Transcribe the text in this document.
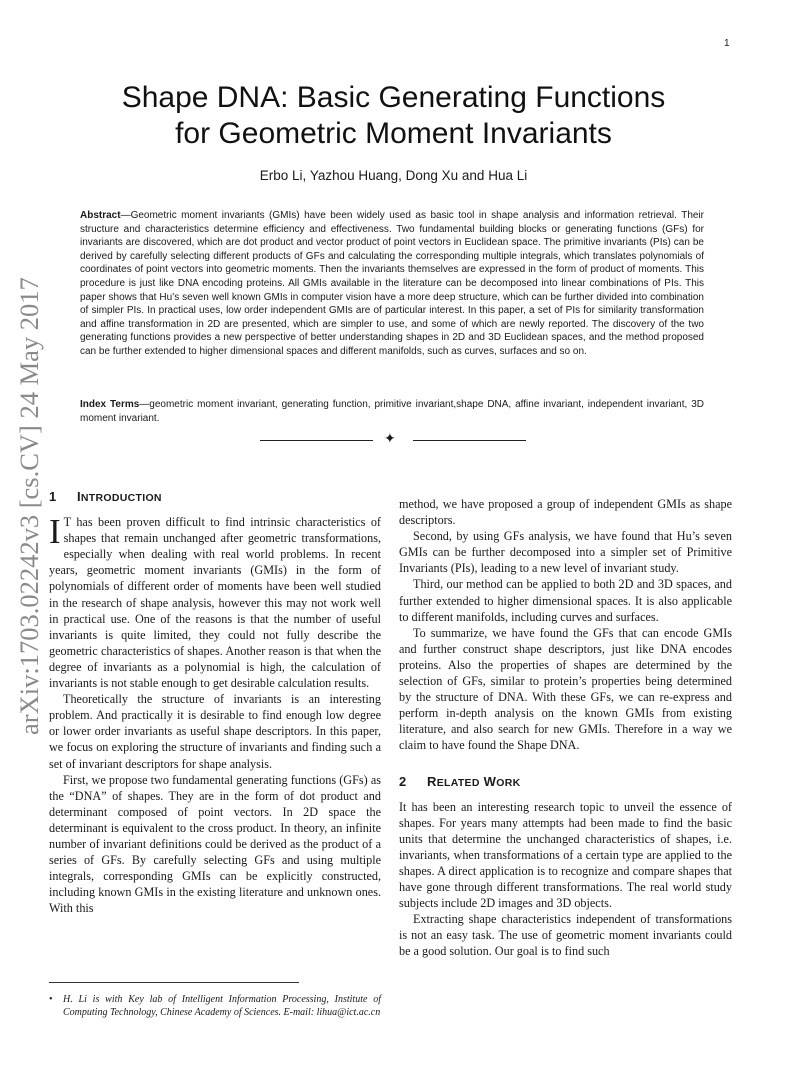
1
arXiv:1703.02242v3 [cs.CV] 24 May 2017
Shape DNA: Basic Generating Functions
for Geometric Moment Invariants
Erbo Li, Yazhou Huang, Dong Xu and Hua Li

Abstract—Geometric moment invariants (GMIs) have been widely used as basic tool in shape analysis and information retrieval. Their structure and characteristics determine efficiency and effectiveness. Two fundamental building blocks or generating functions (GFs) for invariants are discovered, which are dot product and vector product of point vectors in Euclidean space. The primitive invariants (PIs) can be derived by carefully selecting different products of GFs and calculating the corresponding multiple integrals, which translates polynomials of coordinates of point vectors into geometric moments. Then the invariants themselves are expressed in the form of product of moments. This procedure is just like DNA encoding proteins. All GMIs available in the literature can be decomposed into linear combinations of PIs. This paper shows that Hu’s seven well known GMIs in computer vision have a more deep structure, which can be further divided into combination of simpler PIs. In practical uses, low order independent GMIs are of particular interest. In this paper, a set of PIs for similarity transformation and affine transformation in 2D are presented, which are simpler to use, and some of which are newly reported. The discovery of the two generating functions provides a new perspective of better understanding shapes in 2D and 3D Euclidean spaces, and the method proposed can be further extended to higher dimensional spaces and different manifolds, such as curves, surfaces and so on.

Index Terms—geometric moment invariant, generating function, primitive invariant,shape DNA, affine invariant, independent invariant, 3D moment invariant.

✦
1 INTRODUCTION

I T has been proven difficult to find intrinsic characteristics of shapes that remain unchanged after geometric transformations, especially when dealing with real world problems. In recent years, geometric moment invariants (GMIs) in the form of polynomials of different order of moments have been well studied in the research of shape analysis, however this may not work well in practical use. One of the reasons is that the number of useful invariants is quite limited, they could not fully describe the geometric characteristics of shapes. Another reason is that when the degree of invariants as a polynomial is high, the calculation of invariants is not stable enough to get desirable calculation results.

Theoretically the structure of invariants is an interesting problem. And practically it is desirable to find enough low degree or lower order invariants as useful shape descriptors. In this paper, we focus on exploring the structure of invariants and finding such a set of invariant descriptors for shape analysis.

First, we propose two fundamental generating functions (GFs) as the “DNA” of shapes. They are in the form of dot product and determinant composed of point vectors. In 2D space the determinant is equivalent to the cross product. In theory, an infinite number of invariant definitions could be derived as the product of a series of GFs. By carefully selecting GFs and using multiple integrals, corresponding GMIs can be explicitly constructed, including known GMIs in the existing literature and unknown ones. With this

• H. Li is with Key lab of Intelligent Information Processing, Institute of Computing Technology, Chinese Academy of Sciences. E-mail: lihua@ict.ac.cn

method, we have proposed a group of independent GMIs as shape descriptors.

Second, by using GFs analysis, we have found that Hu’s seven GMIs can be further decomposed into a simpler set of Primitive Invariants (PIs), leading to a new level of invariant study.

Third, our method can be applied to both 2D and 3D spaces, and further extended to higher dimensional spaces. It is also applicable to different manifolds, including curves and surfaces.

To summarize, we have found the GFs that can encode GMIs and further construct shape descriptors, just like DNA encodes proteins. Also the properties of shapes are determined by the selection of GFs, similar to protein’s properties being determined by the structure of DNA. With these GFs, we can re-express and perform in-depth analysis on the known GMIs from existing literature, and also search for new GMIs. Therefore in a way we claim to have found the Shape DNA.

2 RELATED WORK

It has been an interesting research topic to unveil the essence of shapes. For years many attempts had been made to find the basic units that determine the unchanged characteristics of shapes, i.e. invariants, when transformations of a certain type are applied to the shapes. A direct application is to recognize and compare shapes that have gone through different transformations. The real world study subjects include 2D images and 3D objects.

Extracting shape characteristics independent of transformations is not an easy task. The use of geometric moment invariants could be a good solution. Our goal is to find such
